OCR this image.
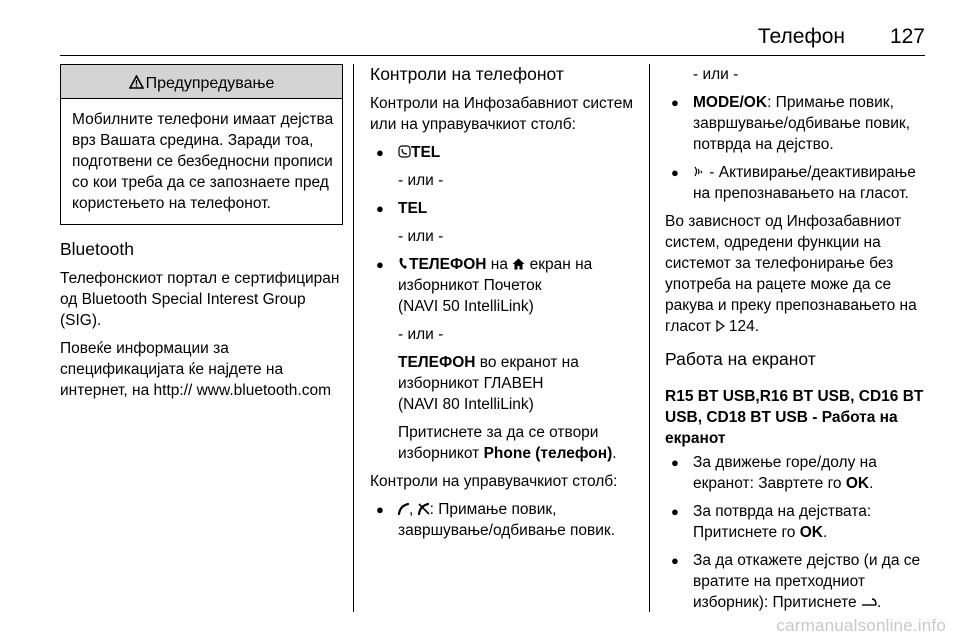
Телефон 127
Предупредување
Мобилните телефони имаат дејства врз Вашата средина. Заради тоа, подготвени се безбедносни прописи со кои треба да се запознаете пред користењето на телефонот.
Bluetooth

Телефонскиот портал е сертифициран од Bluetooth Special Interest Group (SIG).

Повеќе информации за спецификацијата ќе најдете на интернет, на http:// www.bluetooth.com

Контроли на телефонот

Контроли на Инфозабавниот систем или на управувачкиот столб:

● TEL
- или -
● TEL
- или -
● ТЕЛЕФОН на  екран на изборникот Почеток
(NAVI 50 IntelliLink)
- или -
ТЕЛЕФОН во екранот на изборникот ГЛАВЕН
(NAVI 80 IntelliLink)
Притиснете за да се отвори изборникот Phone (телефон).

Контроли на управувачкиот столб:

● , : Примање повик, завршување/одбивање повик.
- или -
● MODE/OK: Примање повик, завршување/одбивање повик, потврда на дејство.
● - Активирање/деактивирање на препознавањето на гласот.

Во зависност од Инфозабавниот систем, одредени функции на системот за телефонирање без употреба на рацете може да се ракува и преку препознавањето на гласот  124.

Работа на екранот
R15 BT USB,R16 BT USB, CD16 BT USB, CD18 BT USB - Работа на екранот
● За движење горе/долу на екранот: Завртете го OK.
● За потврда на дејствата: Притиснете го OK.
● За да откажете дејство (и да се вратите на претходниот изборник): Притиснете .
carmanualsonline.info
